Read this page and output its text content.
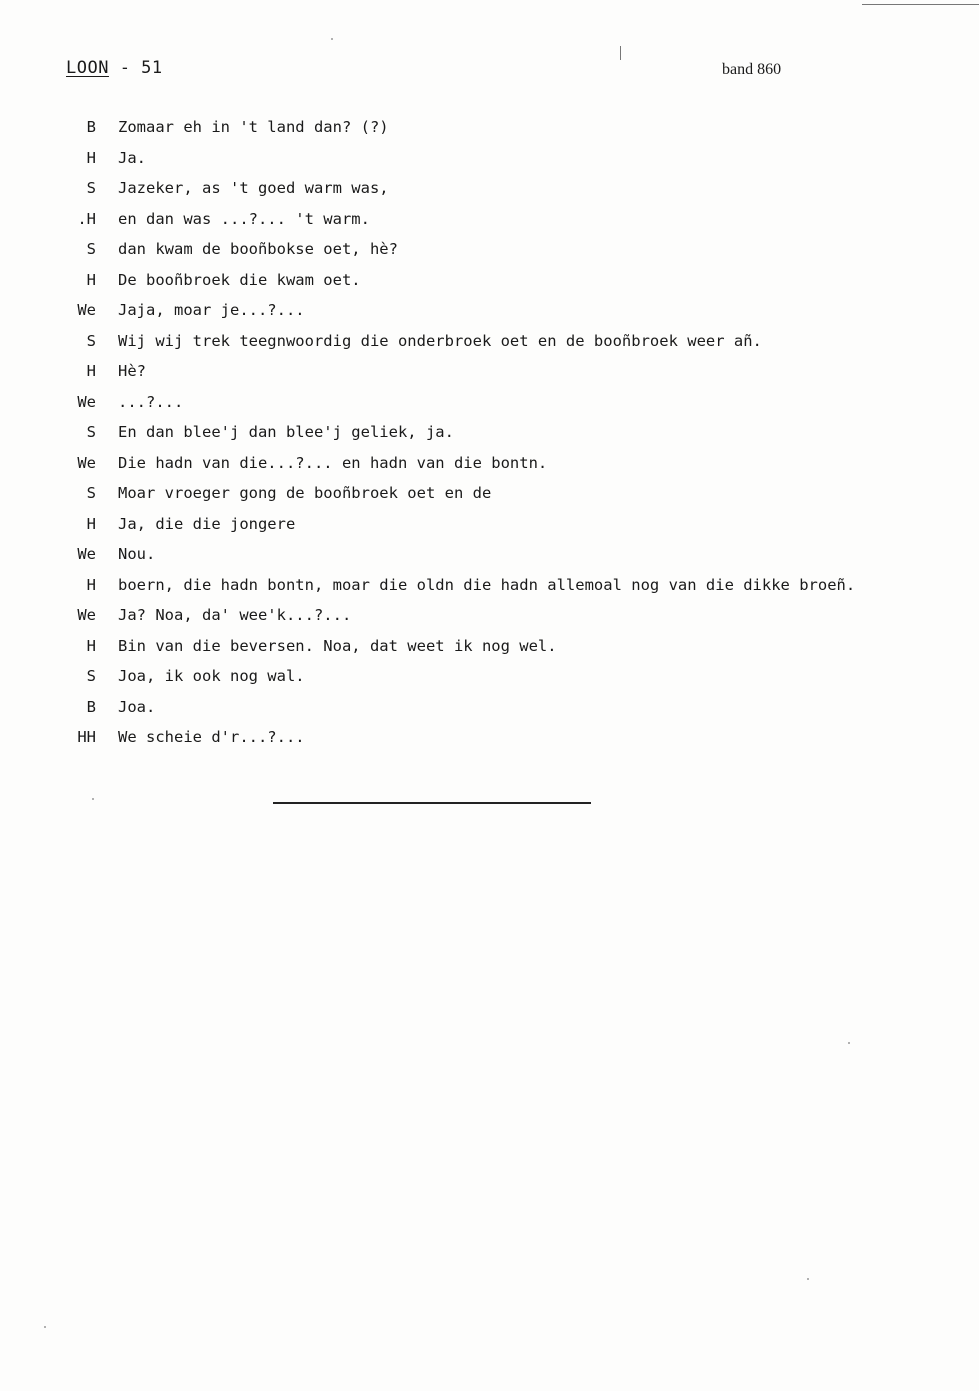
LOON - 51	band 860
B Zomaar eh in 't land dan? (?)
H Ja.
S Jazeker, as 't goed warm was,
.H en dan was ...?... 't warm.
S dan kwam de booñbokse oet, hè?
H De booñbroek die kwam oet.
We Jaja, moar je...?...
S Wij wij trek teegnwoordig die onderbroek oet en de booñbroek weer añ.
H Hè?
We ...?...
S En dan blee'j dan blee'j geliek, ja.
We Die hadn van die...?... en hadn van die bontn.
S Moar vroeger gong de booñbroek oet en de
H Ja, die die jongere
We Nou.
H boern, die hadn bontn, moar die oldn die hadn allemoal nog van die dikke broeñ.
We Ja? Noa, da' wee'k...?...
H Bin van die beversen. Noa, dat weet ik nog wel.
S Joa, ik ook nog wal.
B Joa.
HH We scheie d'r...?...
